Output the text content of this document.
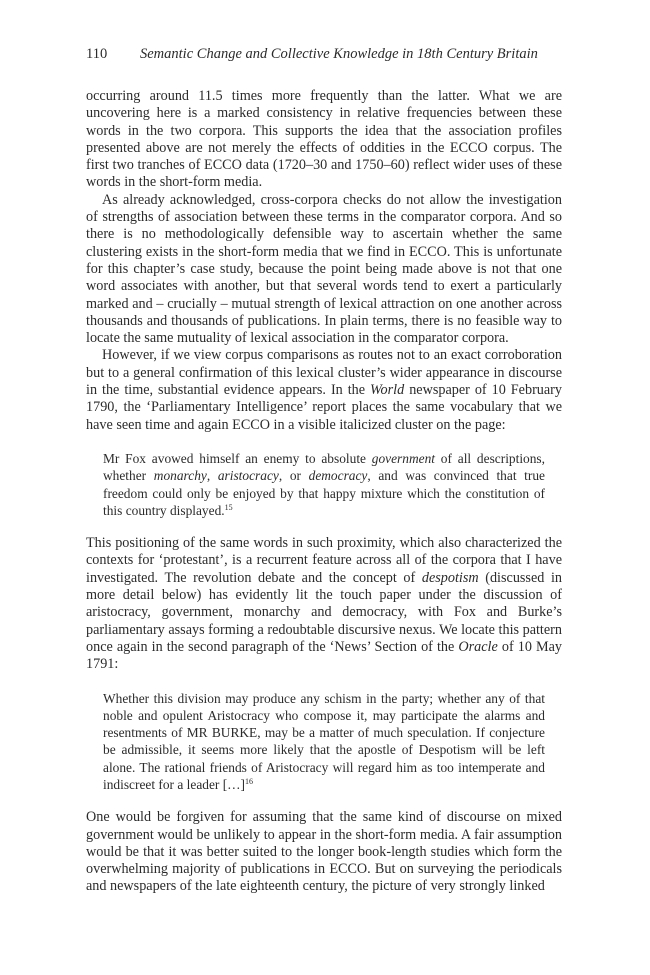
110 Semantic Change and Collective Knowledge in 18th Century Britain

occurring around 11.5 times more frequently than the latter. What we are uncovering here is a marked consistency in relative frequencies between these words in the two corpora. This supports the idea that the association profiles presented above are not merely the effects of oddities in the ECCO corpus. The first two tranches of ECCO data (1720–30 and 1750–60) reflect wider uses of these words in the short-form media.

As already acknowledged, cross-corpora checks do not allow the investigation of strengths of association between these terms in the comparator corpora. And so there is no methodologically defensible way to ascertain whether the same clustering exists in the short-form media that we find in ECCO. This is unfortunate for this chapter’s case study, because the point being made above is not that one word associates with another, but that several words tend to exert a particularly marked and – crucially – mutual strength of lexical attraction on one another across thousands and thousands of publications. In plain terms, there is no feasible way to locate the same mutuality of lexical association in the comparator corpora.

However, if we view corpus comparisons as routes not to an exact corroboration but to a general confirmation of this lexical cluster’s wider appearance in discourse in the time, substantial evidence appears. In the World newspaper of 10 February 1790, the ‘Parliamentary Intelligence’ report places the same vocabulary that we have seen time and again ECCO in a visible italicized cluster on the page:

Mr Fox avowed himself an enemy to absolute government of all descriptions, whether monarchy, aristocracy, or democracy, and was convinced that true freedom could only be enjoyed by that happy mixture which the constitution of this country displayed.$^{15}$

This positioning of the same words in such proximity, which also characterized the contexts for ‘protestant’, is a recurrent feature across all of the corpora that I have investigated. The revolution debate and the concept of despotism (discussed in more detail below) has evidently lit the touch paper under the discussion of aristocracy, government, monarchy and democracy, with Fox and Burke’s parliamentary assays forming a redoubtable discursive nexus. We locate this pattern once again in the second paragraph of the ‘News’ Section of the Oracle of 10 May 1791:

Whether this division may produce any schism in the party; whether any of that noble and opulent Aristocracy who compose it, may participate the alarms and resentments of MR BURKE, may be a matter of much speculation. If conjecture be admissible, it seems more likely that the apostle of Despotism will be left alone. The rational friends of Aristocracy will regard him as too intemperate and indiscreet for a leader […]$^{16}$

One would be forgiven for assuming that the same kind of discourse on mixed government would be unlikely to appear in the short-form media. A fair assumption would be that it was better suited to the longer book-length studies which form the overwhelming majority of publications in ECCO. But on surveying the periodicals and newspapers of the late eighteenth century, the picture of very strongly linked
